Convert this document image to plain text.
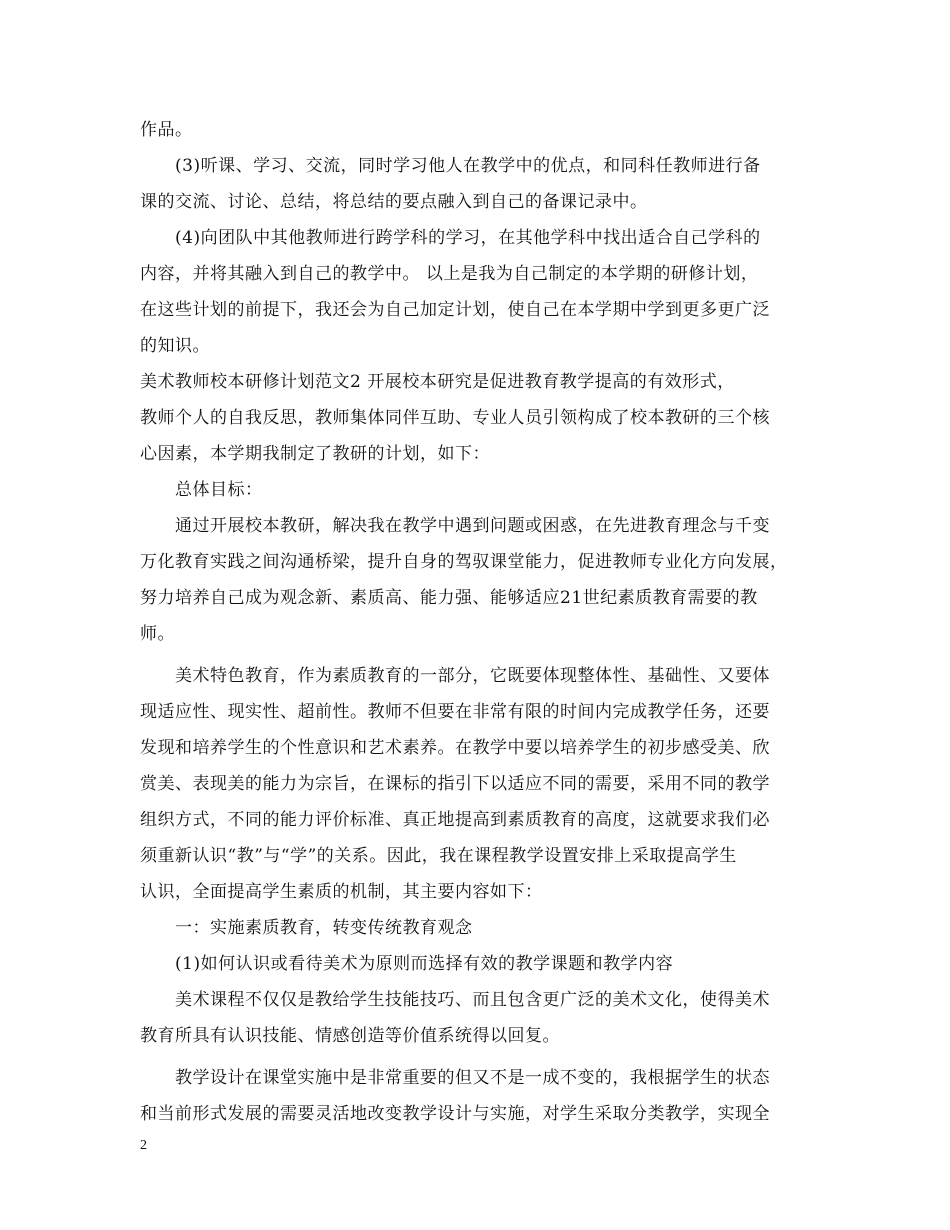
作品。
(3)听课、学习、交流，同时学习他人在教学中的优点，和同科任教师进行备
课的交流、讨论、总结，将总结的要点融入到自己的备课记录中。
(4)向团队中其他教师进行跨学科的学习，在其他学科中找出适合自己学科的
内容，并将其融入到自己的教学中。 以上是我为自己制定的本学期的研修计划，
在这些计划的前提下，我还会为自己加定计划，使自己在本学期中学到更多更广泛
的知识。
美术教师校本研修计划范文2 开展校本研究是促进教育教学提高的有效形式，
教师个人的自我反思，教师集体同伴互助、专业人员引领构成了校本教研的三个核
心因素，本学期我制定了教研的计划，如下：
总体目标：
通过开展校本教研，解决我在教学中遇到问题或困惑，在先进教育理念与千变
万化教育实践之间沟通桥梁，提升自身的驾驭课堂能力，促进教师专业化方向发展，
努力培养自己成为观念新、素质高、能力强、能够适应21世纪素质教育需要的教
师。
美术特色教育，作为素质教育的一部分，它既要体现整体性、基础性、又要体
现适应性、现实性、超前性。教师不但要在非常有限的时间内完成教学任务，还要
发现和培养学生的个性意识和艺术素养。在教学中要以培养学生的初步感受美、欣
赏美、表现美的能力为宗旨，在课标的指引下以适应不同的需要，采用不同的教学
组织方式，不同的能力评价标准、真正地提高到素质教育的高度，这就要求我们必
须重新认识“教”与“学”的关系。因此，我在课程教学设置安排上采取提高学生
认识，全面提高学生素质的机制，其主要内容如下：
一：实施素质教育，转变传统教育观念
(1)如何认识或看待美术为原则而选择有效的教学课题和教学内容
美术课程不仅仅是教给学生技能技巧、而且包含更广泛的美术文化，使得美术
教育所具有认识技能、情感创造等价值系统得以回复。
教学设计在课堂实施中是非常重要的但又不是一成不变的，我根据学生的状态
和当前形式发展的需要灵活地改变教学设计与实施，对学生采取分类教学，实现全
2
